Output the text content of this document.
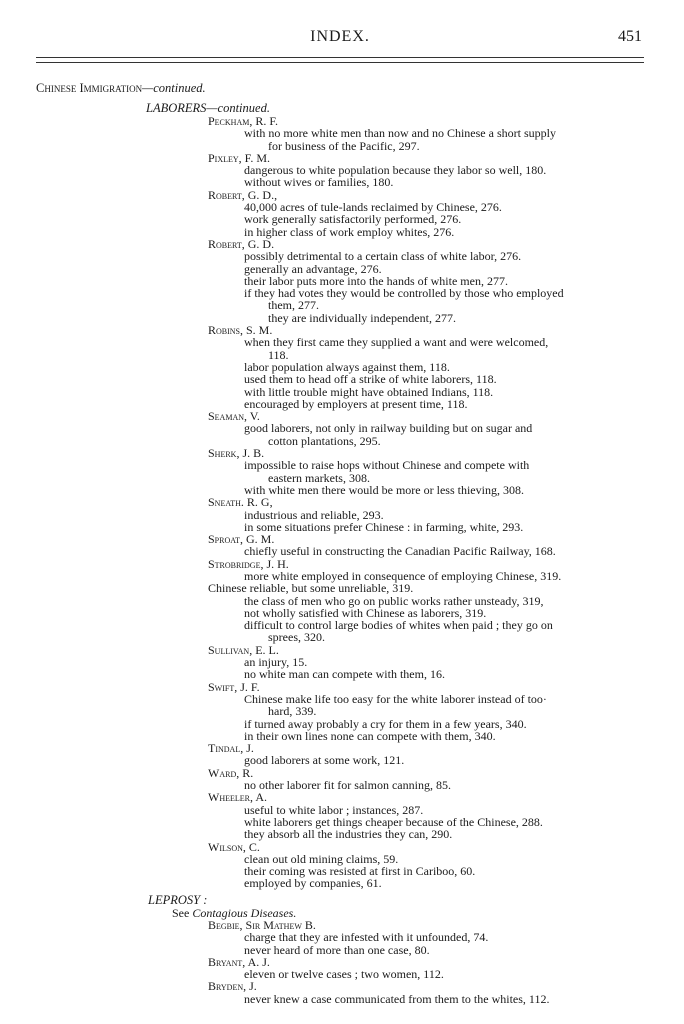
INDEX.	451
Chinese Immigration—continued.
LABORERS—continued.
Peckham, R. F.
with no more white men than now and no Chinese a short supply
for business of the Pacific, 297.
Pixley, F. M.
dangerous to white population because they labor so well, 180.
without wives or families, 180.
Robert, G. D.,
40,000 acres of tule-lands reclaimed by Chinese, 276.
work generally satisfactorily performed, 276.
in higher class of work employ whites, 276.
Robert, G. D.
possibly detrimental to a certain class of white labor, 276.
generally an advantage, 276.
their labor puts more into the hands of white men, 277.
if they had votes they would be controlled by those who employed
them, 277.
they are individually independent, 277.
Robins, S. M.
when they first came they supplied a want and were welcomed,
118.
labor population always against them, 118.
used them to head off a strike of white laborers, 118.
with little trouble might have obtained Indians, 118.
encouraged by employers at present time, 118.
Seaman, V.
good laborers, not only in railway building but on sugar and
cotton plantations, 295.
Sherk, J. B.
impossible to raise hops without Chinese and compete with
eastern markets, 308.
with white men there would be more or less thieving, 308.
Sneath. R. G,
industrious and reliable, 293.
in some situations prefer Chinese : in farming, white, 293.
Sproat, G. M.
chiefly useful in constructing the Canadian Pacific Railway, 168.
Strobridge, J. H.
more white employed in consequence of employing Chinese, 319.
Chinese reliable, but some unreliable, 319.
the class of men who go on public works rather unsteady, 319,
not wholly satisfied with Chinese as laborers, 319.
difficult to control large bodies of whites when paid ; they go on
sprees, 320.
Sullivan, E. L.
an injury, 15.
no white man can compete with them, 16.
Swift, J. F.
Chinese make life too easy for the white laborer instead of too·
hard, 339.
if turned away probably a cry for them in a few years, 340.
in their own lines none can compete with them, 340.
Tindal, J.
good laborers at some work, 121.
Ward, R.
no other laborer fit for salmon canning, 85.
Wheeler, A.
useful to white labor ; instances, 287.
white laborers get things cheaper because of the Chinese, 288.
they absorb all the industries they can, 290.
Wilson, C.
clean out old mining claims, 59.
their coming was resisted at first in Cariboo, 60.
employed by companies, 61.
LEPROSY :
See Contagious Diseases.
Begbie, Sir Mathew B.
charge that they are infested with it unfounded, 74.
never heard of more than one case, 80.
Bryant, A. J.
eleven or twelve cases ; two women, 112.
Bryden, J.
never knew a case communicated from them to the whites, 112.
